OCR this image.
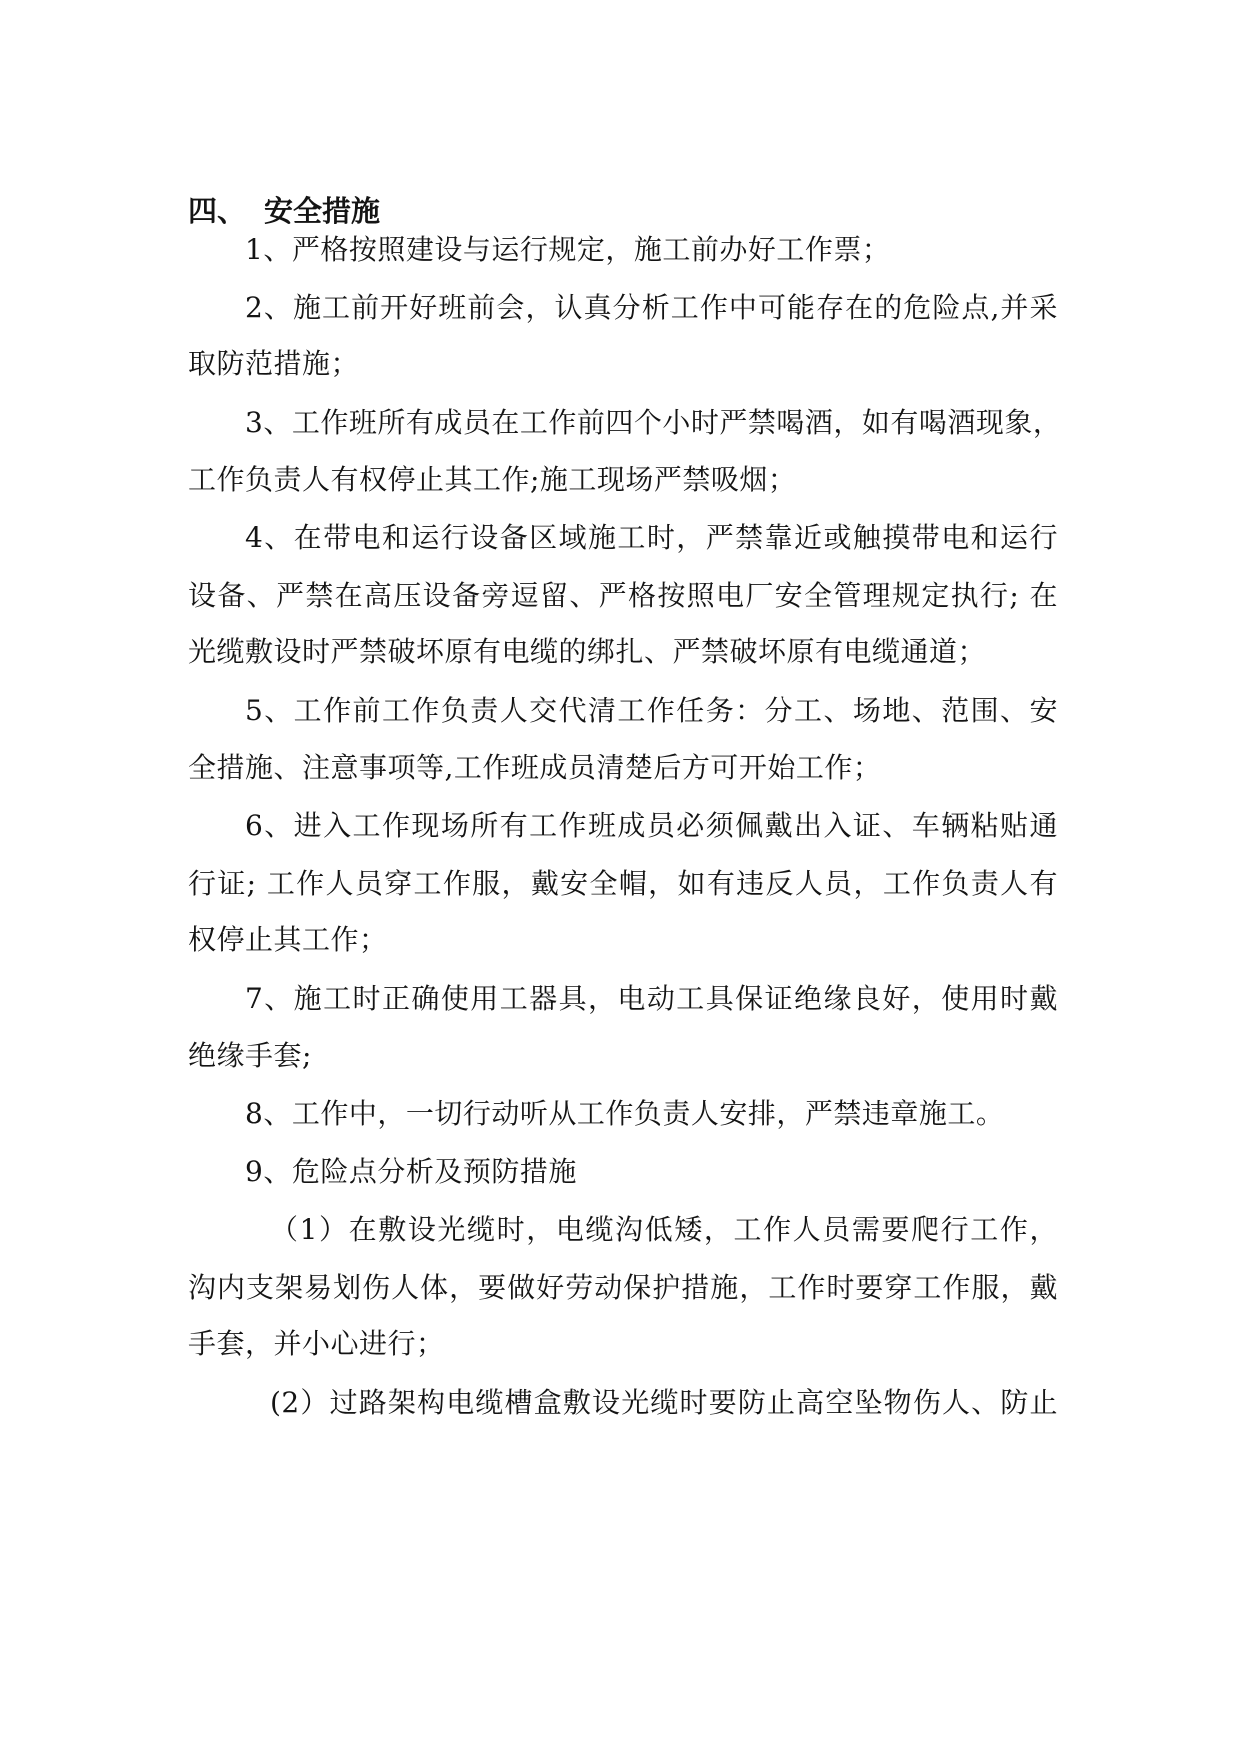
四、 安全措施
1、严格按照建设与运行规定，施工前办好工作票；
2、施工前开好班前会，认真分析工作中可能存在的危险点,并采
取防范措施；
3、工作班所有成员在工作前四个小时严禁喝酒，如有喝酒现象，
工作负责人有权停止其工作;施工现场严禁吸烟；
4、在带电和运行设备区域施工时，严禁靠近或触摸带电和运行
设备、严禁在高压设备旁逗留、严格按照电厂安全管理规定执行; 在
光缆敷设时严禁破坏原有电缆的绑扎、严禁破坏原有电缆通道；
5、工作前工作负责人交代清工作任务：分工、场地、范围、安
全措施、注意事项等,工作班成员清楚后方可开始工作；
6、进入工作现场所有工作班成员必须佩戴出入证、车辆粘贴通
行证; 工作人员穿工作服，戴安全帽，如有违反人员，工作负责人有
权停止其工作；
7、施工时正确使用工器具，电动工具保证绝缘良好，使用时戴
绝缘手套;
8、工作中，一切行动听从工作负责人安排，严禁违章施工。
9、危险点分析及预防措施
（1）在敷设光缆时，电缆沟低矮，工作人员需要爬行工作，
沟内支架易划伤人体，要做好劳动保护措施，工作时要穿工作服，戴
手套，并小心进行；
(2）过路架构电缆槽盒敷设光缆时要防止高空坠物伤人、防止
